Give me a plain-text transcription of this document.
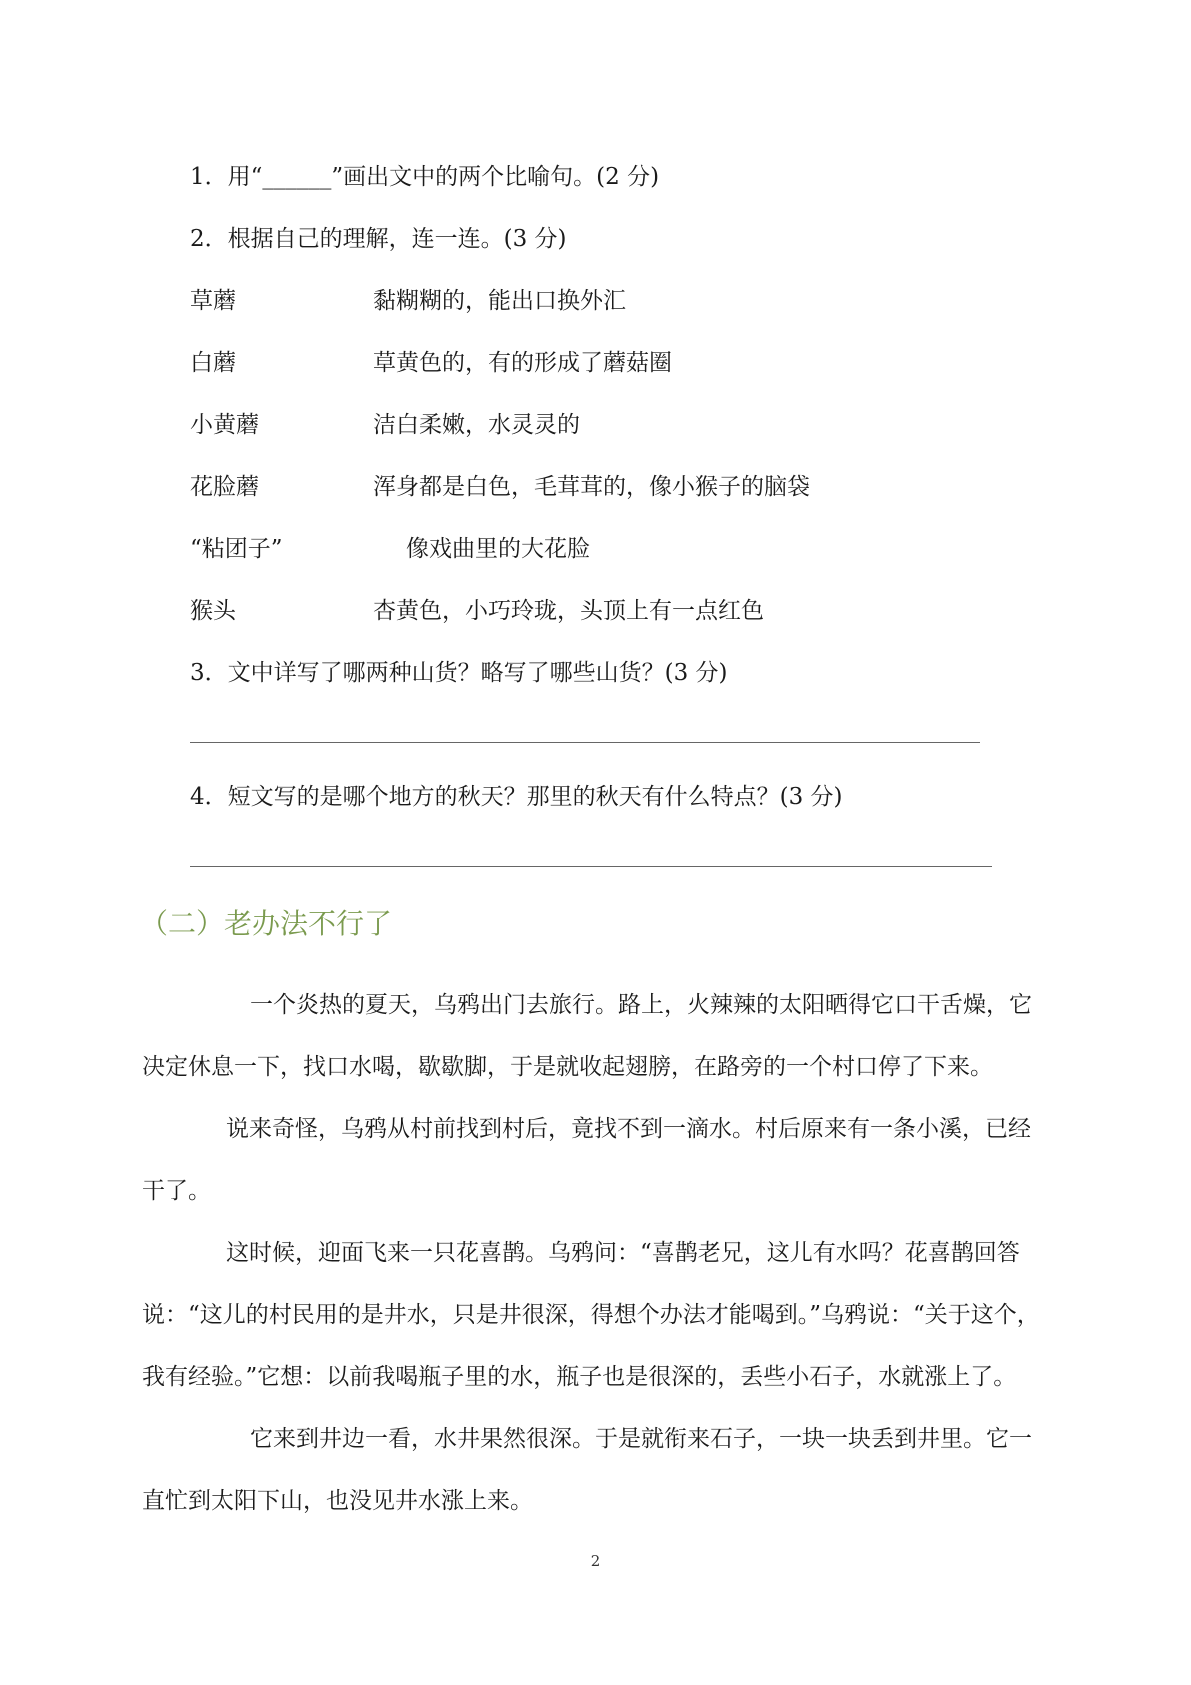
1．用“______”画出文中的两个比喻句。(2 分)
2．根据自己的理解，连一连。(3 分)
草蘑	黏糊糊的，能出口换外汇
白蘑	草黄色的，有的形成了蘑菇圈
小黄蘑	洁白柔嫩，水灵灵的
花脸蘑	浑身都是白色，毛茸茸的，像小猴子的脑袋
“粘团子”	像戏曲里的大花脸
猴头	杏黄色，小巧玲珑，头顶上有一点红色
3．文中详写了哪两种山货？略写了哪些山货？(3 分)
4．短文写的是哪个地方的秋天？那里的秋天有什么特点？(3 分)
（二）老办法不行了
一个炎热的夏天，乌鸦出门去旅行。路上，火辣辣的太阳晒得它口干舌燥，它
决定休息一下，找口水喝，歇歇脚，于是就收起翅膀，在路旁的一个村口停了下来。
说来奇怪，乌鸦从村前找到村后，竟找不到一滴水。村后原来有一条小溪，已经
干了。
这时候，迎面飞来一只花喜鹊。乌鸦问：“喜鹊老兄，这儿有水吗？花喜鹊回答
说：“这儿的村民用的是井水，只是井很深，得想个办法才能喝到。”乌鸦说：“关于这个，
我有经验。”它想：以前我喝瓶子里的水，瓶子也是很深的，丢些小石子，水就涨上了。
它来到井边一看，水井果然很深。于是就衔来石子，一块一块丢到井里。它一
直忙到太阳下山，也没见井水涨上来。
2
